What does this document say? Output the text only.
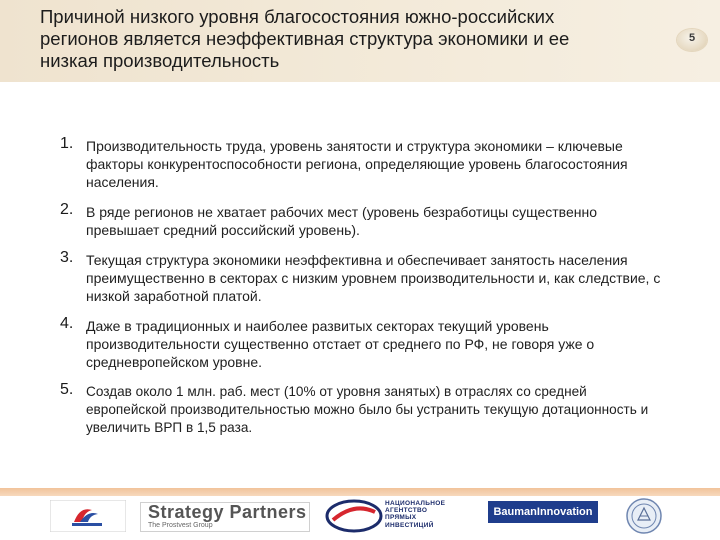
Причиной низкого уровня благосостояния южно-российских
регионов является неэффективная структура экономики и ее
низкая производительность
5
1. Производительность труда, уровень занятости и структура экономики – ключевые факторы конкурентоспособности региона, определяющие уровень благосостояния населения.
2. В ряде регионов не хватает рабочих мест (уровень безработицы существенно превышает средний российский уровень).
3. Текущая структура экономики неэффективна и обеспечивает занятость населения преимущественно в секторах с низким уровнем производительности и, как следствие, с низкой заработной платой.
4. Даже в традиционных и наиболее развитых секторах текущий уровень производительности существенно отстает от среднего по РФ, не говоря уже о средневропейском уровне.
5. Создав около 1 млн. раб. мест (10% от уровня занятых) в отраслях со средней европейской производительностью можно было бы устранить текущую дотационность и увеличить ВРП в 1,5 раза.
Strategy Partners
The Prostvest Group
НАЦИОНАЛЬНОЕ
АГЕНТСТВО
ПРЯМЫХ
ИНВЕСТИЦИЙ
BaumanInnovation
